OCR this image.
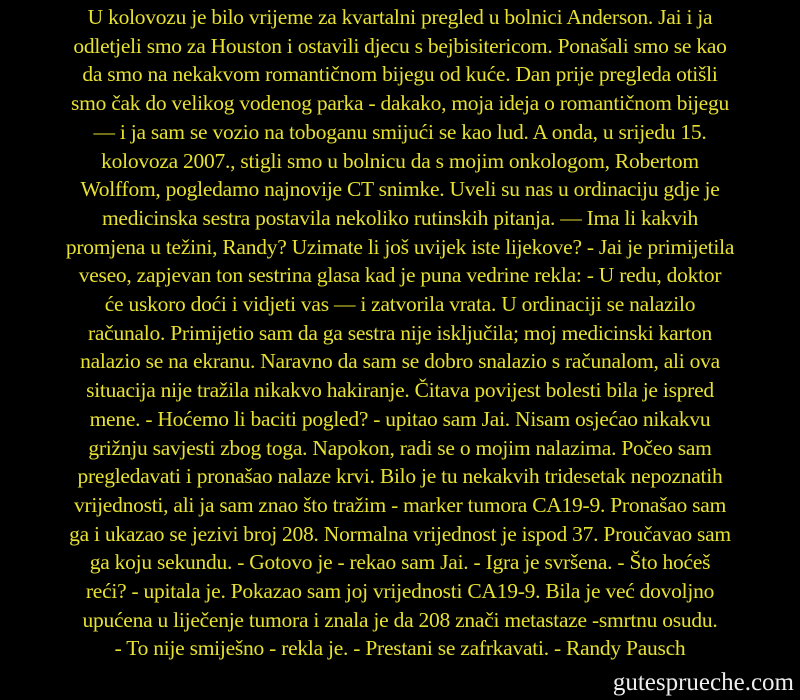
U kolovozu je bilo vrijeme za kvartalni pregled u bolnici Anderson. Jai i ja
odletjeli smo za Houston i ostavili djecu s bejbisitericom. Ponašali smo se kao
da smo na nekakvom romantičnom bijegu od kuće. Dan prije pregleda otišli
smo čak do velikog vodenog parka - dakako, moja ideja o romantičnom bijegu
— i ja sam se vozio na toboganu smijući se kao lud. A onda, u srijedu 15.
kolovoza 2007., stigli smo u bolnicu da s mojim onkologom, Robertom
Wolffom, pogledamo najnovije CT snimke. Uveli su nas u ordinaciju gdje je
medicinska sestra postavila nekoliko rutinskih pitanja. — Ima li kakvih
promjena u težini, Randy? Uzimate li još uvijek iste lijekove? - Jai je primijetila
veseo, zapjevan ton sestrina glasa kad je puna vedrine rekla: - U redu, doktor
će uskoro doći i vidjeti vas — i zatvorila vrata. U ordinaciji se nalazilo
računalo. Primijetio sam da ga sestra nije isključila; moj medicinski karton
nalazio se na ekranu. Naravno da sam se dobro snalazio s računalom, ali ova
situacija nije tražila nikakvo hakiranje. Čitava povijest bolesti bila je ispred
mene. - Hoćemo li baciti pogled? - upitao sam Jai. Nisam osjećao nikakvu
grižnju savjesti zbog toga. Napokon, radi se o mojim nalazima. Počeo sam
pregledavati i pronašao nalaze krvi. Bilo je tu nekakvih tridesetak nepoznatih
vrijednosti, ali ja sam znao što tražim - marker tumora CA19-9. Pronašao sam
ga i ukazao se jezivi broj 208. Normalna vrijednost je ispod 37. Proučavao sam
ga koju sekundu. - Gotovo je - rekao sam Jai. - Igra je svršena. - Što hoćeš
reći? - upitala je. Pokazao sam joj vrijednosti CA19-9. Bila je već dovoljno
upućena u liječenje tumora i znala je da 208 znači metastaze -smrtnu osudu.
- To nije smiješno - rekla je. - Prestani se zafrkavati. - Randy Pausch
gutesprueche.com
